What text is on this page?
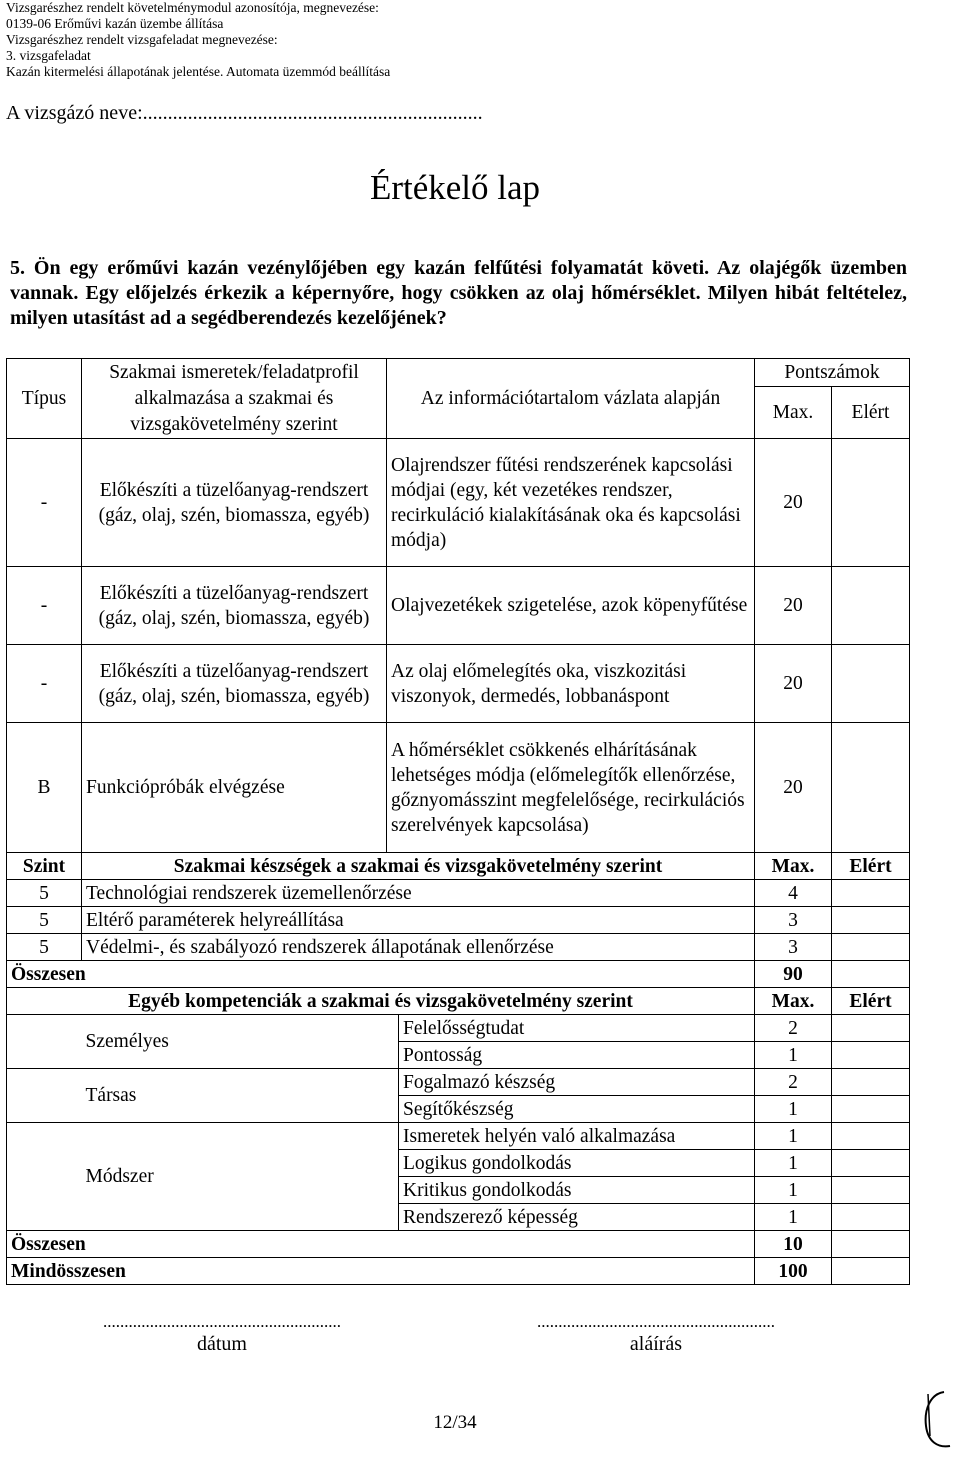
Vizsgarészhez rendelt követelménymodul azonosítója, megnevezése:
0139-06 Erőművi kazán üzembe állítása
Vizsgarészhez rendelt vizsgafeladat megnevezése:
3. vizsgafeladat
Kazán kitermelési állapotának jelentése. Automata üzemmód beállítása
A vizsgázó neve:....................................................................
Értékelő lap
5. Ön egy erőművi kazán vezénylőjében egy kazán felfűtési folyamatát követi. Az olajégők üzemben vannak. Egy előjelzés érkezik a képernyőre, hogy csökken az olaj hőmérséklet. Milyen hibát feltételez, milyen utasítást ad a segédberendezés kezelőjének?
Típus	Szakmai ismeretek/feladatprofil alkalmazása a szakmai és vizsgakövetelmény szerint	Az információtartalom vázlata alapján		Pontszámok	
				Max.	Elért
-	Előkészíti a tüzelőanyag-rendszert (gáz, olaj, szén, biomassza, egyéb)	Olajrendszer fűtési rendszerének kapcsolási módjai (egy, két vezetékes rendszer, recirkuláció kialakításának oka és kapcsolási módja)		20	
-	Előkészíti a tüzelőanyag-rendszert (gáz, olaj, szén, biomassza, egyéb)	Olajvezetékek szigetelése, azok köpenyfűtése		20	
-	Előkészíti a tüzelőanyag-rendszert (gáz, olaj, szén, biomassza, egyéb)	Az olaj előmelegítés oka, viszkozitási viszonyok, dermedés, lobbanáspont		20	
B	Funkciópróbák elvégzése	A hőmérséklet csökkenés elhárításának lehetséges módja (előmelegítők ellenőrzése, gőznyomásszint megfelelősége, recirkulációs szerelvények kapcsolása)		20	
Szint	Szakmai készségek a szakmai és vizsgakövetelmény szerint			Max.	Elért
5	Technológiai rendszerek üzemellenőrzése			4	
5	Eltérő paraméterek helyreállítása			3	
5	Védelmi-, és szabályozó rendszerek állapotának ellenőrzése			3	
Összesen				90	
Egyéb kompetenciák a szakmai és vizsgakövetelmény szerint				Max.	Elért
	Személyes		Felelősségtudat	2	
			Pontosság	1	
	Társas		Fogalmazó készség	2	
			Segítőkészség	1	
	Módszer		Ismeretek helyén való alkalmazása	1	
			Logikus gondolkodás	1	
			Kritikus gondolkodás	1	
			Rendszerező képesség	1	
Összesen				10	
Mindösszesen				100	
........................................................
dátum
........................................................
aláírás
12/34
